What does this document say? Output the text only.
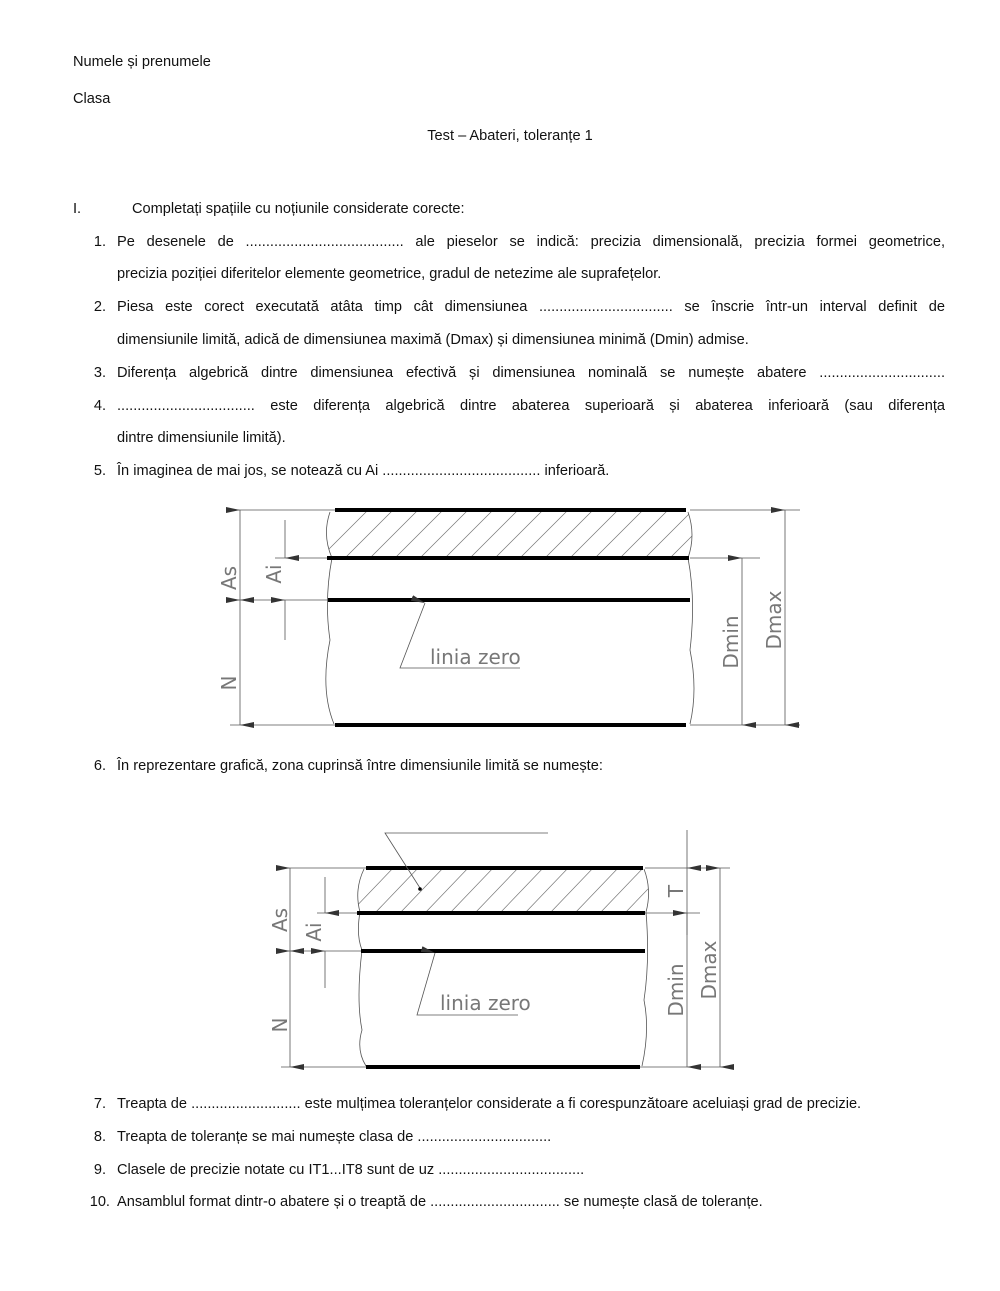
Numele și prenumele
Clasa
Test – Abateri, toleranțe 1
I.	Completați spațiile cu noțiunile considerate corecte:
1. Pe desenele de ....................................... ale pieselor se indică: precizia dimensională, precizia formei geometrice,
precizia poziției diferitelor elemente geometrice, gradul de netezime ale suprafețelor.
2. Piesa este corect executată atâta timp cât dimensiunea ................................. se înscrie într-un interval definit de
dimensiunile limită, adică de dimensiunea maximă (Dmax) și dimensiunea minimă (Dmin) admise.
3. Diferența algebrică dintre dimensiunea efectivă și dimensiunea nominală se numește abatere ...............................
4. .................................. este diferența algebrică dintre abaterea superioară și abaterea inferioară (sau diferența
dintre dimensiunile limită).
5. În imaginea de mai jos, se notează cu Ai ....................................... inferioară.
As Ai
N
Dmin Dmax
linia zero
As Ai
N
T
Dmin Dmax
linia zero
6. În reprezentare grafică, zona cuprinsă între dimensiunile limită se numește:
7. Treapta de ........................... este mulțimea toleranțelor considerate a fi corespunzătoare aceluiași grad de precizie.
8. Treapta de toleranțe se mai numește clasa de .................................
9. Clasele de precizie notate cu IT1...IT8 sunt de uz ....................................
10. Ansamblul format dintr-o abatere și o treaptă de ................................ se numește clasă de toleranțe.
